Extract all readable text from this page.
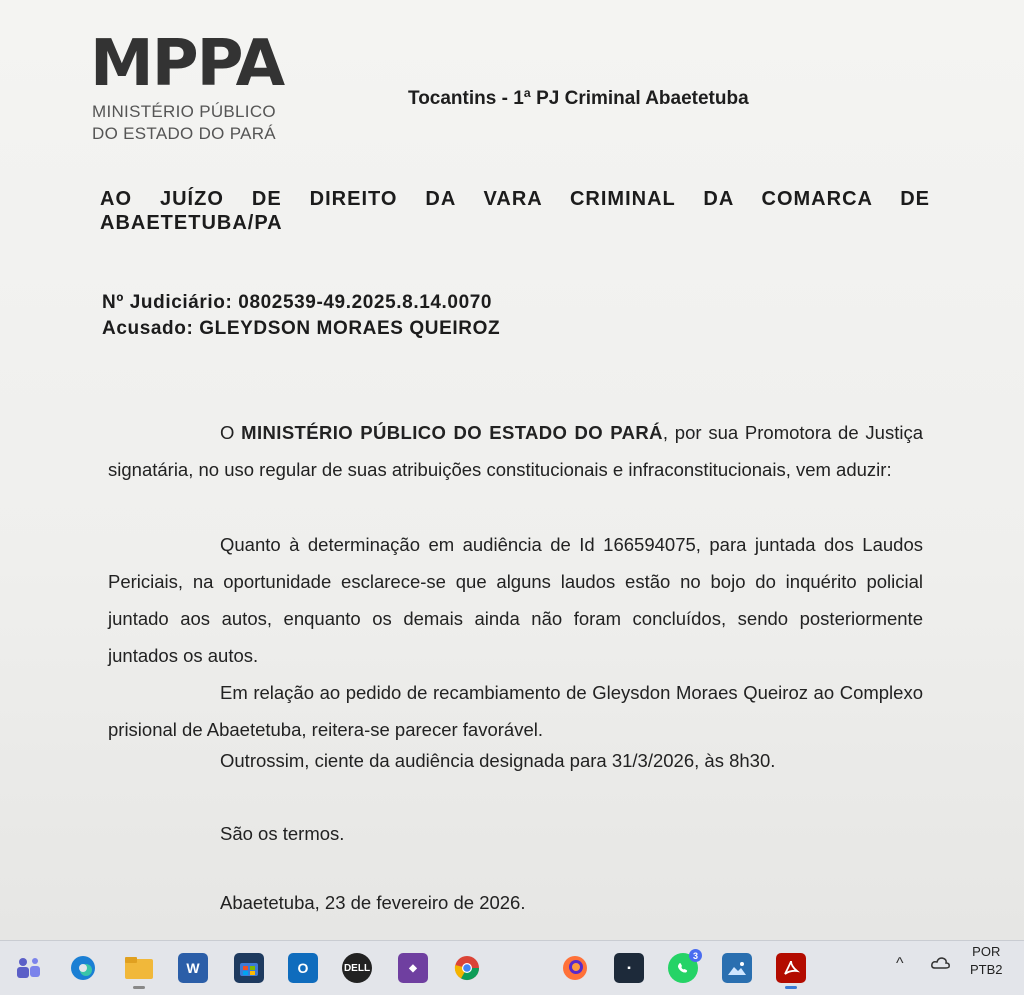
MPPA
MINISTÉRIO PÚBLICO
DO ESTADO DO PARÁ
Tocantins - 1ª PJ Criminal Abaetetuba
AO JUÍZO DE DIREITO DA VARA CRIMINAL DA COMARCA DE
ABAETETUBA/PA
Nº Judiciário: 0802539-49.2025.8.14.0070
Acusado: GLEYDSON MORAES QUEIROZ
O MINISTÉRIO PÚBLICO DO ESTADO DO PARÁ, por sua Promotora de Justiça signatária, no uso regular de suas atribuições constitucionais e infraconstitucionais, vem aduzir:
Quanto à determinação em audiência de Id 166594075, para juntada dos Laudos Periciais, na oportunidade esclarece-se que alguns laudos estão no bojo do inquérito policial juntado aos autos, enquanto os demais ainda não foram concluídos, sendo posteriormente juntados os autos.
Em relação ao pedido de recambiamento de Gleysdon Moraes Queiroz ao Complexo prisional de Abaetetuba, reitera-se parecer favorável.
Outrossim, ciente da audiência designada para 31/3/2026, às 8h30.
São os termos.
Abaetetuba, 23 de fevereiro de 2026.
W	O	DELL	◆	▪
3	^
POR
PTB2
